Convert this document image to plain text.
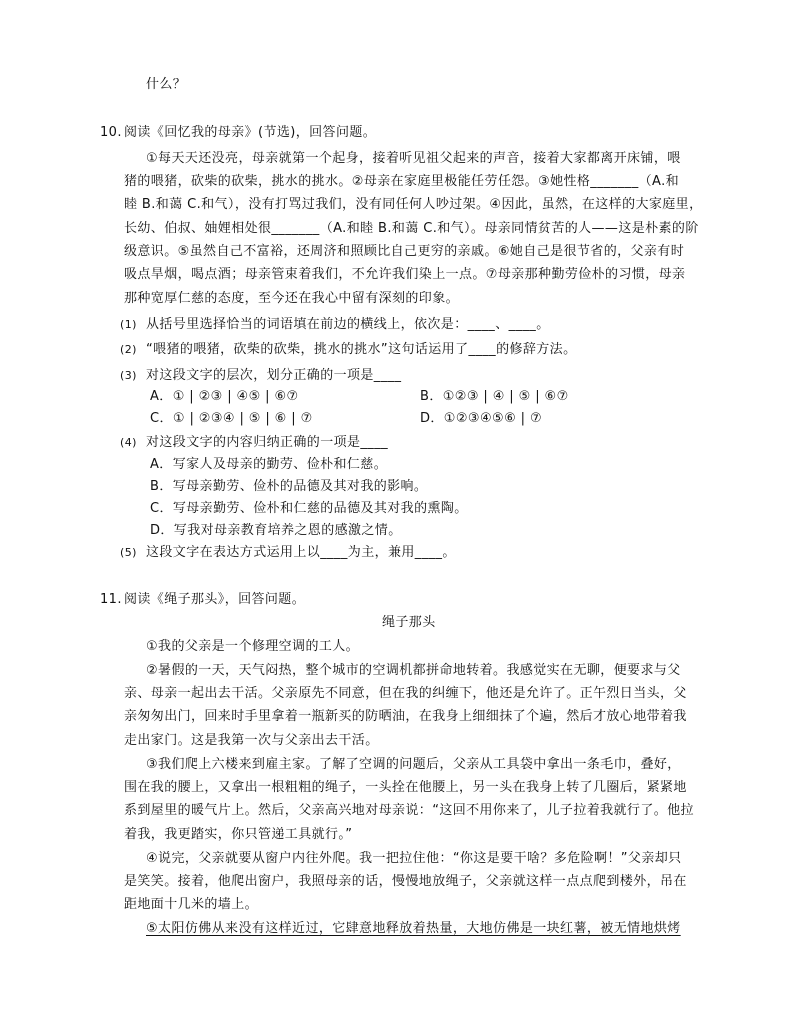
什么？
10. 阅读《回忆我的母亲》(节选)，回答问题。
①每天天还没亮，母亲就第一个起身，接着听见祖父起来的声音，接着大家都离开床铺，喂
猪的喂猪，砍柴的砍柴，挑水的挑水。②母亲在家庭里极能任劳任怨。③她性格_______（A.和
睦 B.和蔼 C.和气），没有打骂过我们，没有同任何人吵过架。④因此，虽然，在这样的大家庭里，
长幼、伯叔、妯娌相处很_______（A.和睦 B.和蔼 C.和气）。母亲同情贫苦的人——这是朴素的阶
级意识。⑤虽然自己不富裕，还周济和照顾比自己更穷的亲戚。⑥她自己是很节省的，父亲有时
吸点旱烟，喝点酒；母亲管束着我们，不允许我们染上一点。⑦母亲那种勤劳俭朴的习惯，母亲
那种宽厚仁慈的态度，至今还在我心中留有深刻的印象。
(1) 从括号里选择恰当的词语填在前边的横线上，依次是：____、____。
(2) “喂猪的喂猪，砍柴的砍柴，挑水的挑水”这句话运用了____的修辞方法。
(3) 对这段文字的层次，划分正确的一项是____
A．① | ②③ | ④⑤ | ⑥⑦	B．①②③ | ④ | ⑤ | ⑥⑦
C．① | ②③④ | ⑤ | ⑥ | ⑦	D．①②③④⑤⑥ | ⑦
(4) 对这段文字的内容归纳正确的一项是____
A．写家人及母亲的勤劳、俭朴和仁慈。
B．写母亲勤劳、俭朴的品德及其对我的影响。
C．写母亲勤劳、俭朴和仁慈的品德及其对我的熏陶。
D．写我对母亲教育培养之恩的感激之情。
(5) 这段文字在表达方式运用上以____为主，兼用____。
11. 阅读《绳子那头》，回答问题。
绳子那头
①我的父亲是一个修理空调的工人。
②暑假的一天，天气闷热，整个城市的空调机都拼命地转着。我感觉实在无聊，便要求与父
亲、母亲一起出去干活。父亲原先不同意，但在我的纠缠下，他还是允许了。正午烈日当头，父
亲匆匆出门，回来时手里拿着一瓶新买的防晒油，在我身上细细抹了个遍，然后才放心地带着我
走出家门。这是我第一次与父亲出去干活。
③我们爬上六楼来到雇主家。了解了空调的问题后，父亲从工具袋中拿出一条毛巾，叠好，
围在我的腰上，又拿出一根粗粗的绳子，一头拴在他腰上，另一头在我身上转了几圈后，紧紧地
系到屋里的暖气片上。然后，父亲高兴地对母亲说：“这回不用你来了，儿子拉着我就行了。他拉
着我，我更踏实，你只管递工具就行。”
④说完，父亲就要从窗户内往外爬。我一把拉住他：“你这是要干啥？多危险啊！”父亲却只
是笑笑。接着，他爬出窗户，我照母亲的话，慢慢地放绳子，父亲就这样一点点爬到楼外，吊在
距地面十几米的墙上。
⑤太阳仿佛从来没有这样近过，它肆意地释放着热量，大地仿佛是一块红薯，被无情地烘烤
